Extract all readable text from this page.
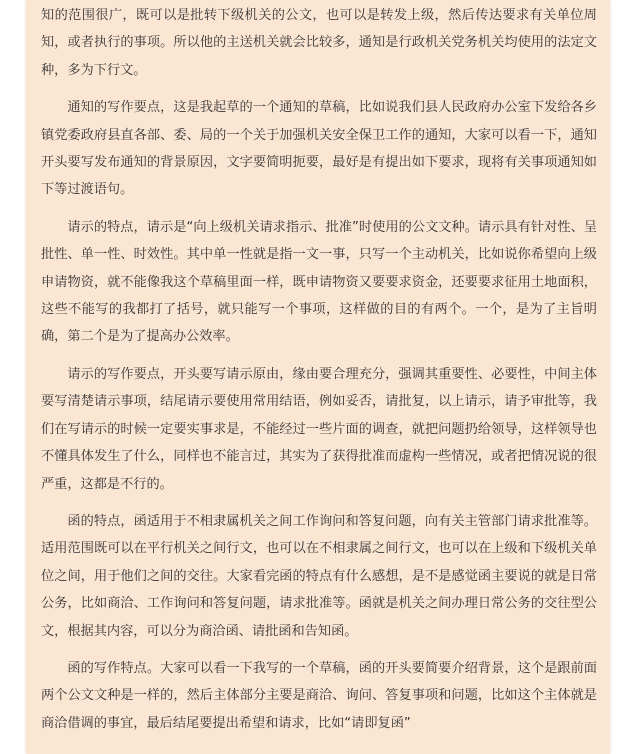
知的范围很广，既可以是批转下级机关的公文，也可以是转发上级，然后传达要求有关单位周知，或者执行的事项。所以他的主送机关就会比较多，通知是行政机关党务机关均使用的法定文种，多为下行文。

通知的写作要点，这是我起草的一个通知的草稿，比如说我们县人民政府办公室下发给各乡镇党委政府县直各部、委、局的一个关于加强机关安全保卫工作的通知，大家可以看一下，通知开头要写发布通知的背景原因，文字要简明扼要，最好是有提出如下要求，现将有关事项通知如下等过渡语句。

请示的特点，请示是“向上级机关请求指示、批准”时使用的公文文种。请示具有针对性、呈批性、单一性、时效性。其中单一性就是指一文一事，只写一个主动机关，比如说你希望向上级申请物资，就不能像我这个草稿里面一样，既申请物资又要要求资金，还要要求征用土地面积，这些不能写的我都打了括号，就只能写一个事项，这样做的目的有两个。一个，是为了主旨明确，第二个是为了提高办公效率。

请示的写作要点，开头要写请示原由，缘由要合理充分，强调其重要性、必要性，中间主体要写清楚请示事项，结尾请示要使用常用结语，例如妥否，请批复，以上请示，请予审批等，我们在写请示的时候一定要实事求是，不能经过一些片面的调查，就把问题扔给领导，这样领导也不懂具体发生了什么，同样也不能言过，其实为了获得批准而虚构一些情况，或者把情况说的很严重，这都是不行的。

函的特点，函适用于不相隶属机关之间工作询问和答复问题，向有关主管部门请求批准等。适用范围既可以在平行机关之间行文，也可以在不相隶属之间行文，也可以在上级和下级机关单位之间，用于他们之间的交往。大家看完函的特点有什么感想，是不是感觉函主要说的就是日常公务，比如商洽、工作询问和答复问题，请求批准等。函就是机关之间办理日常公务的交往型公文，根据其内容，可以分为商洽函、请批函和告知函。

函的写作特点。大家可以看一下我写的一个草稿，函的开头要简要介绍背景，这个是跟前面两个公文文种是一样的，然后主体部分主要是商洽、询问、答复事项和问题，比如这个主体就是商洽借调的事宜，最后结尾要提出希望和请求，比如“请即复函”
